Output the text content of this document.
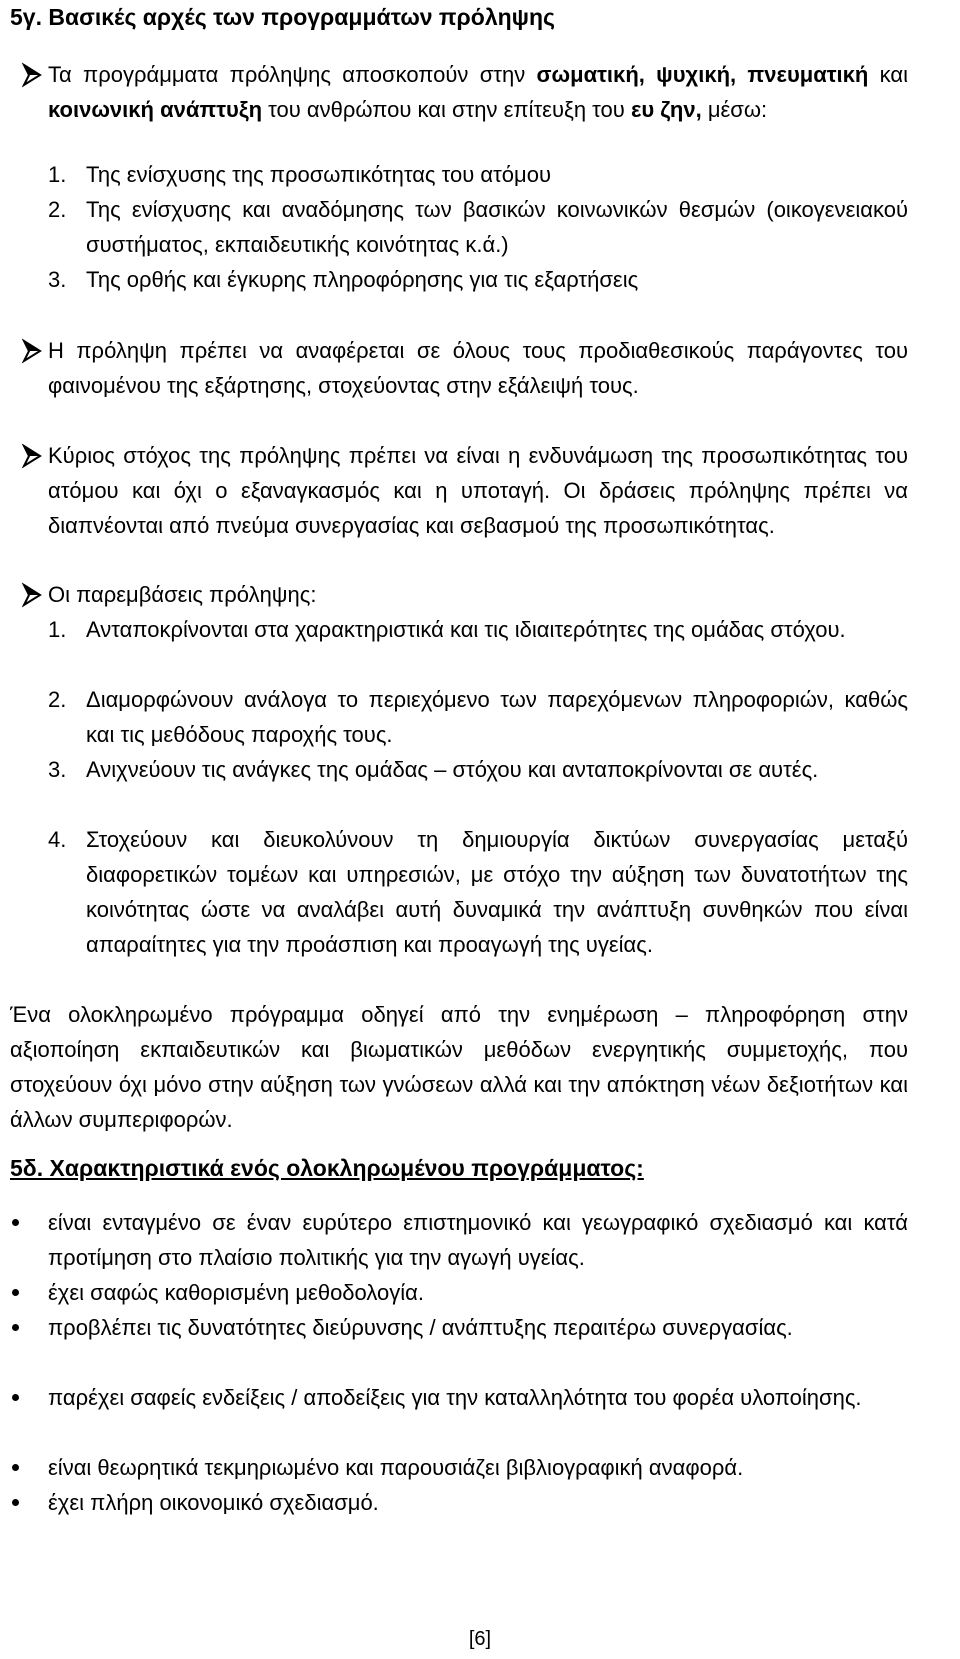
5γ. Βασικές αρχές των προγραμμάτων πρόληψης
Τα προγράμματα πρόληψης αποσκοπούν στην σωματική, ψυχική, πνευματική και κοινωνική ανάπτυξη του ανθρώπου και στην επίτευξη του ευ ζην, μέσω:
1. Της ενίσχυσης της προσωπικότητας του ατόμου
2. Της ενίσχυσης και αναδόμησης των βασικών κοινωνικών θεσμών (οικογενειακού συστήματος, εκπαιδευτικής κοινότητας κ.ά.)
3. Της ορθής και έγκυρης πληροφόρησης για τις εξαρτήσεις
Η πρόληψη πρέπει να αναφέρεται σε όλους τους προδιαθεσικούς παράγοντες του φαινομένου της εξάρτησης, στοχεύοντας στην εξάλειψή τους.
Κύριος στόχος της πρόληψης πρέπει να είναι η ενδυνάμωση της προσωπικότητας του ατόμου και όχι ο εξαναγκασμός και η υποταγή. Οι δράσεις πρόληψης πρέπει να διαπνέονται από πνεύμα συνεργασίας και σεβασμού της προσωπικότητας.
Οι παρεμβάσεις πρόληψης:
1. Ανταποκρίνονται στα χαρακτηριστικά και τις ιδιαιτερότητες της ομάδας στόχου.
2. Διαμορφώνουν ανάλογα το περιεχόμενο των παρεχόμενων πληροφοριών, καθώς και τις μεθόδους παροχής τους.
3. Ανιχνεύουν τις ανάγκες της ομάδας – στόχου και ανταποκρίνονται σε αυτές.
4. Στοχεύουν και διευκολύνουν τη δημιουργία δικτύων συνεργασίας μεταξύ διαφορετικών τομέων και υπηρεσιών, με στόχο την αύξηση των δυνατοτήτων της κοινότητας ώστε να αναλάβει αυτή δυναμικά την ανάπτυξη συνθηκών που είναι απαραίτητες για την προάσπιση και προαγωγή της υγείας.
Ένα ολοκληρωμένο πρόγραμμα οδηγεί από την ενημέρωση – πληροφόρηση στην αξιοποίηση εκπαιδευτικών και βιωματικών μεθόδων ενεργητικής συμμετοχής, που στοχεύουν όχι μόνο στην αύξηση των γνώσεων αλλά και την απόκτηση νέων δεξιοτήτων και άλλων συμπεριφορών.
5δ. Χαρακτηριστικά ενός ολοκληρωμένου προγράμματος:
είναι ενταγμένο σε έναν ευρύτερο επιστημονικό και γεωγραφικό σχεδιασμό και κατά προτίμηση στο πλαίσιο πολιτικής για την αγωγή υγείας.
έχει σαφώς καθορισμένη μεθοδολογία.
προβλέπει τις δυνατότητες διεύρυνσης / ανάπτυξης περαιτέρω συνεργασίας.
παρέχει σαφείς ενδείξεις / αποδείξεις για την καταλληλότητα του φορέα υλοποίησης.
είναι θεωρητικά τεκμηριωμένο και παρουσιάζει βιβλιογραφική αναφορά.
έχει πλήρη οικονομικό σχεδιασμό.
[6]
